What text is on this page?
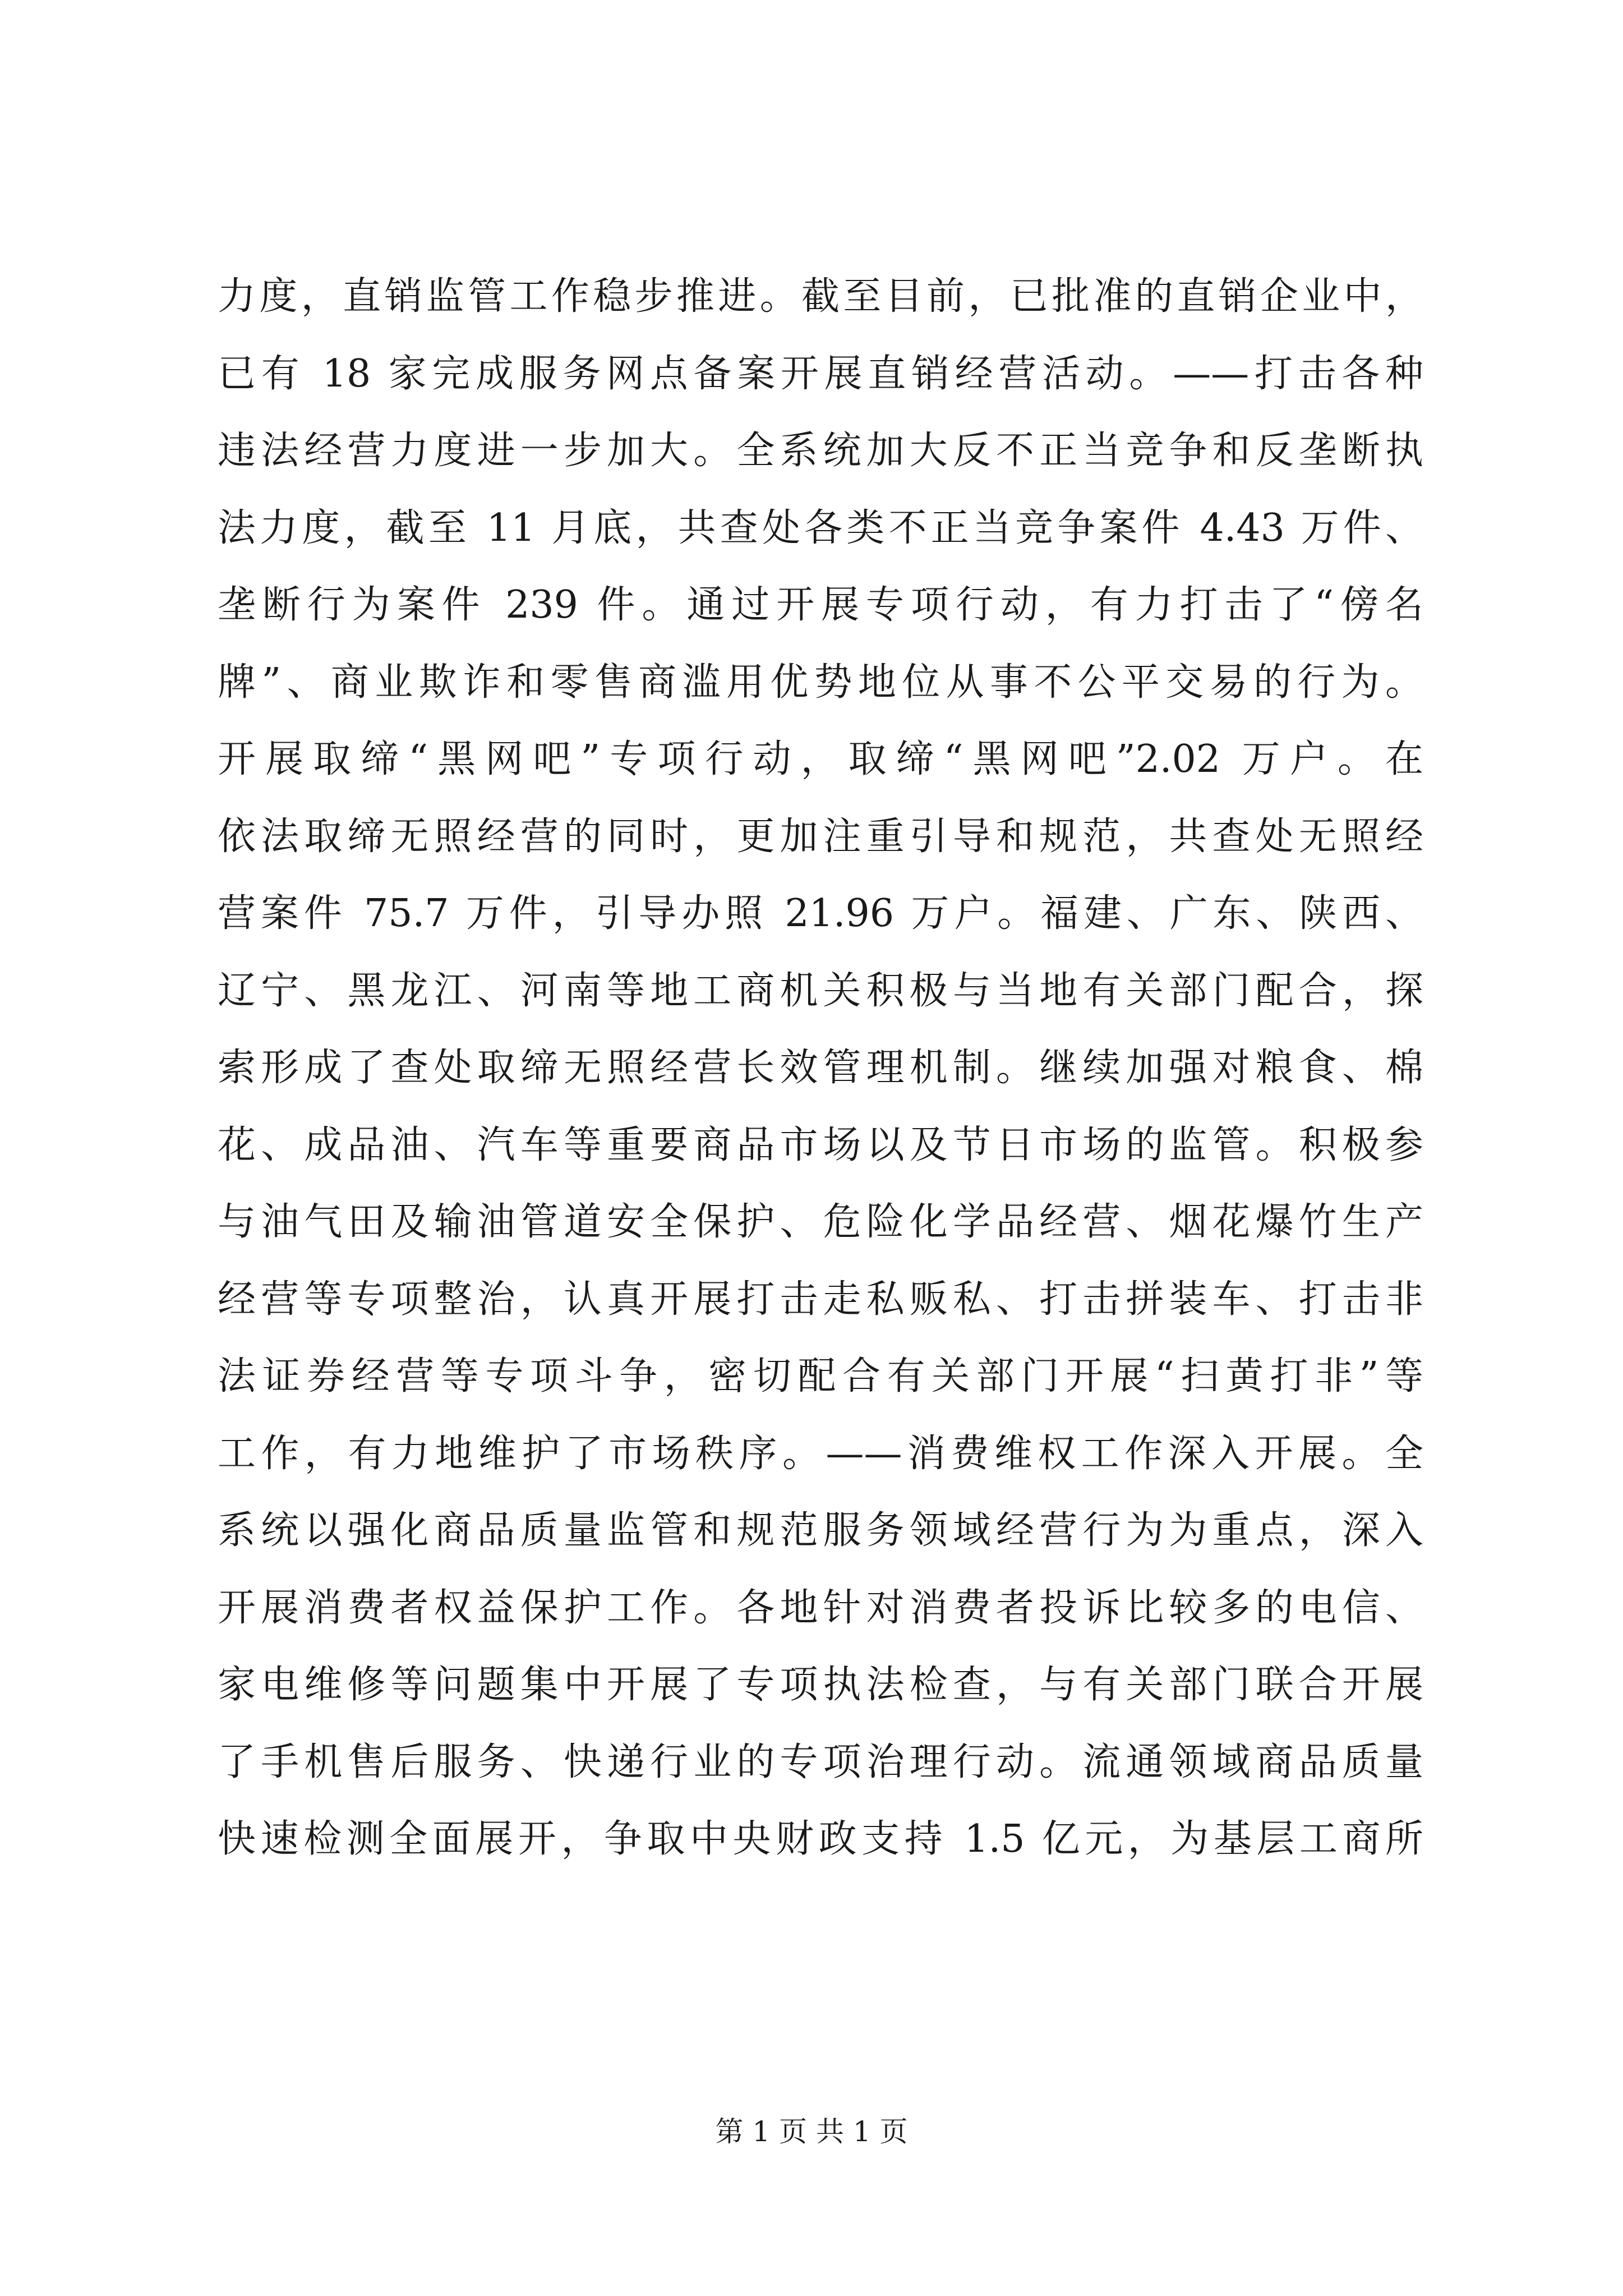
力度，直销监管工作稳步推进。截至目前，已批准的直销企业中，
已有 18 家完成服务网点备案开展直销经营活动。——打击各种
违法经营力度进一步加大。全系统加大反不正当竞争和反垄断执
法力度，截至 11 月底，共查处各类不正当竞争案件 4.43 万件、
垄断行为案件 239 件。通过开展专项行动，有力打击了“傍名
牌”、商业欺诈和零售商滥用优势地位从事不公平交易的行为。
开展取缔“黑网吧”专项行动，取缔“黑网吧”2.02 万户。在
依法取缔无照经营的同时，更加注重引导和规范，共查处无照经
营案件 75.7 万件，引导办照 21.96 万户。福建、广东、陕西、
辽宁、黑龙江、河南等地工商机关积极与当地有关部门配合，探
索形成了查处取缔无照经营长效管理机制。继续加强对粮食、棉
花、成品油、汽车等重要商品市场以及节日市场的监管。积极参
与油气田及输油管道安全保护、危险化学品经营、烟花爆竹生产
经营等专项整治，认真开展打击走私贩私、打击拼装车、打击非
法证券经营等专项斗争，密切配合有关部门开展“扫黄打非”等
工作，有力地维护了市场秩序。——消费维权工作深入开展。全
系统以强化商品质量监管和规范服务领域经营行为为重点，深入
开展消费者权益保护工作。各地针对消费者投诉比较多的电信、
家电维修等问题集中开展了专项执法检查，与有关部门联合开展
了手机售后服务、快递行业的专项治理行动。流通领域商品质量
快速检测全面展开，争取中央财政支持 1.5 亿元，为基层工商所
第 1 页 共 1 页
